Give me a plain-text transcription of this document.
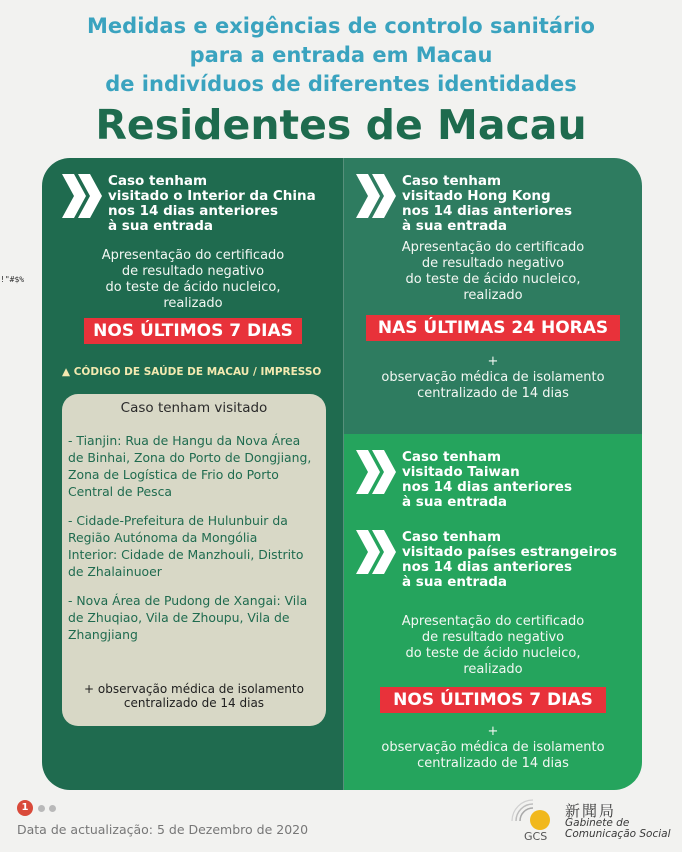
Medidas e exigências de controlo sanitário
para a entrada em Macau
de indivíduos de diferentes identidades
Residentes de Macau
!"#$%
Caso tenham
visitado o Interior da China
nos 14 dias anteriores
à sua entrada
Apresentação do certificado
de resultado negativo
do teste de ácido nucleico,
realizado
NOS ÚLTIMOS 7 DIAS
▲ CÓDIGO DE SAÚDE DE MACAU / IMPRESSO
Caso tenham visitado
- Tianjin: Rua de Hangu da Nova Área
de Binhai, Zona do Porto de Dongjiang,
Zona de Logística de Frio do Porto
Central de Pesca
- Cidade-Prefeitura de Hulunbuir da
Região Autónoma da Mongólia
Interior: Cidade de Manzhouli, Distrito
de Zhalainuoer
- Nova Área de Pudong de Xangai: Vila
de Zhuqiao, Vila de Zhoupu, Vila de
Zhangjiang
+ observação médica de isolamento
centralizado de 14 dias
Caso tenham
visitado Hong Kong
nos 14 dias anteriores
à sua entrada
Apresentação do certificado
de resultado negativo
do teste de ácido nucleico,
realizado
NAS ÚLTIMAS 24 HORAS
+
observação médica de isolamento
centralizado de 14 dias
Caso tenham
visitado Taiwan
nos 14 dias anteriores
à sua entrada
Caso tenham
visitado países estrangeiros
nos 14 dias anteriores
à sua entrada
Apresentação do certificado
de resultado negativo
do teste de ácido nucleico,
realizado
NOS ÚLTIMOS 7 DIAS
+
observação médica de isolamento
centralizado de 14 dias
1
Data de actualização: 5 de Dezembro de 2020	GCS
新聞局
Gabinete de
Comunicação Social
